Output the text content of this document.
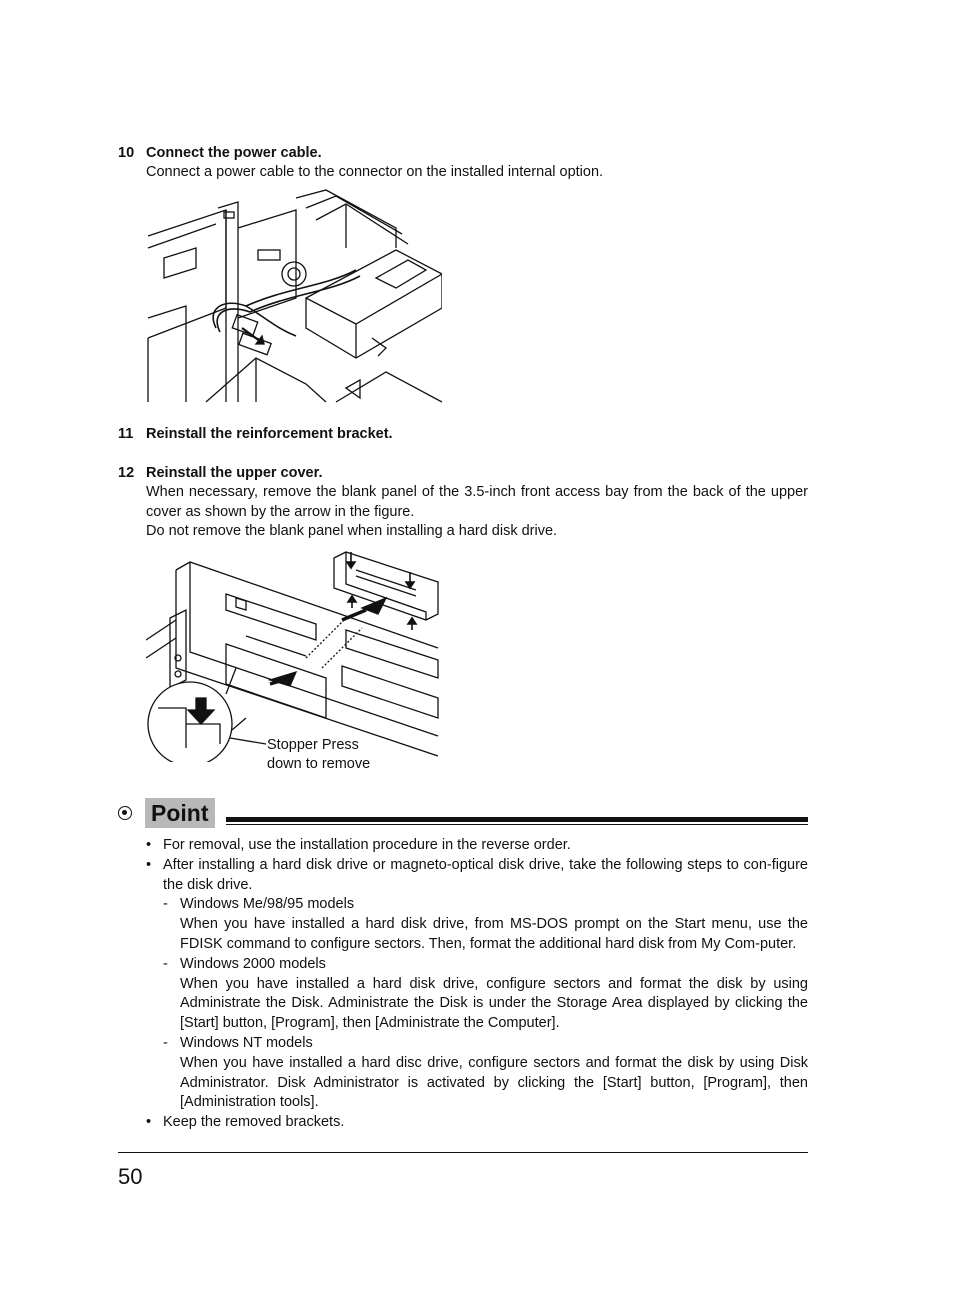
10 Connect the power cable.
Connect a power cable to the connector on the installed internal option.
11 Reinstall the reinforcement bracket.
12 Reinstall the upper cover.
When necessary, remove the blank panel of the 3.5-inch front access bay from the back of the upper cover as shown by the arrow in the figure.
Do not remove the blank panel when installing a hard disk drive.
Stopper Press
down to remove
Point
• For removal, use the installation procedure in the reverse order.
• After installing a hard disk drive or magneto-optical disk drive, take the following steps to con-figure the disk drive.
- Windows Me/98/95 models
When you have installed a hard disk drive, from MS-DOS prompt on the Start menu, use the FDISK command to configure sectors. Then, format the additional hard disk from My Com-puter.
- Windows 2000 models
When you have installed a hard disk drive, configure sectors and format the disk by using Administrate the Disk. Administrate the Disk is under the Storage Area displayed by clicking the [Start] button, [Program], then [Administrate the Computer].
- Windows NT models
When you have installed a hard disc drive, configure sectors and format the disk by using Disk Administrator. Disk Administrator is activated by clicking the [Start] button, [Program], then [Administration tools].
• Keep the removed brackets.
50
